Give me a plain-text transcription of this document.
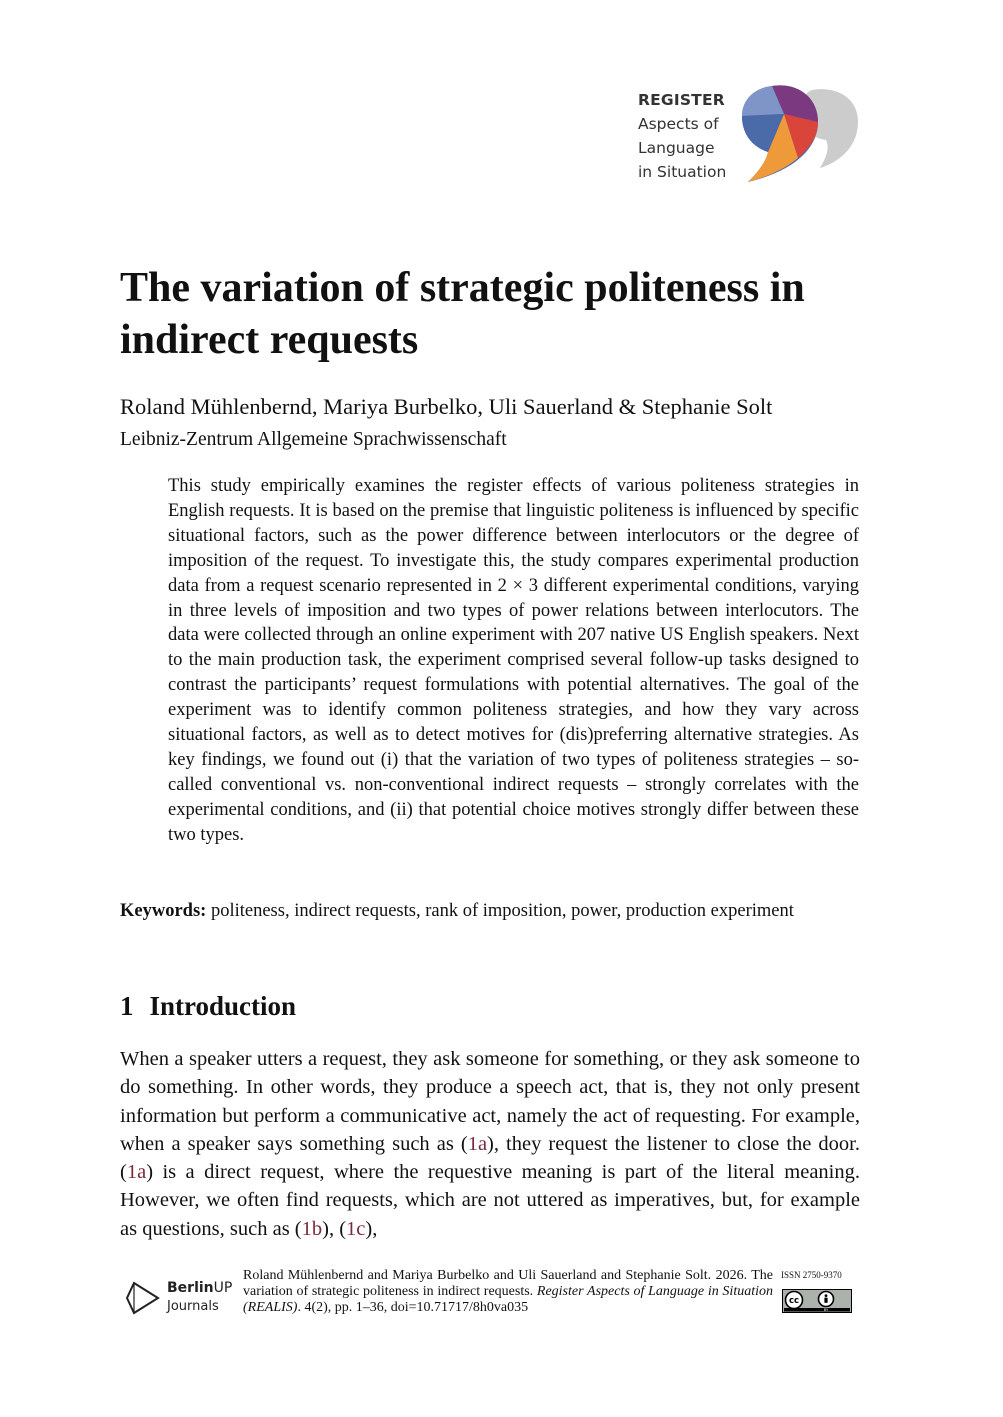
REGISTER
Aspects of
Language
in Situation
The variation of strategic politeness in
indirect requests
Roland Mühlenbernd, Mariya Burbelko, Uli Sauerland & Stephanie Solt
Leibniz-Zentrum Allgemeine Sprachwissenschaft

This study empirically examines the register effects of various politeness strategies in English requests. It is based on the premise that linguistic politeness is influenced by specific situational factors, such as the power difference between interlocutors or the degree of imposition of the request. To investigate this, the study compares experimental production data from a request scenario represented in 2 × 3 different experimental conditions, varying in three levels of imposition and two types of power relations between interlocutors. The data were collected through an online experiment with 207 native US English speakers. Next to the main production task, the experiment comprised several follow-up tasks designed to contrast the participants’ request formulations with potential alternatives. The goal of the experiment was to identify common politeness strategies, and how they vary across situational factors, as well as to detect motives for (dis)preferring alternative strategies. As key findings, we found out (i) that the variation of two types of politeness strategies – so-called conventional vs. non-conventional indirect requests – strongly correlates with the experimental conditions, and (ii) that potential choice motives strongly differ between these two types.

Keywords: politeness, indirect requests, rank of imposition, power, production experiment

1 Introduction

When a speaker utters a request, they ask someone for something, or they ask someone to do something. In other words, they produce a speech act, that is, they not only present information but perform a communicative act, namely the act of requesting. For example, when a speaker says something such as (1a), they request the listener to close the door. (1a) is a direct request, where the requestive meaning is part of the literal meaning. However, we often find requests, which are not uttered as imperatives, but, for example as questions, such as (1b), (1c),

BerlinUP
Journals

Roland Mühlenbernd and Mariya Burbelko and Uli Sauerland and Stephanie Solt. 2026. The variation of strategic politeness in indirect requests. Register Aspects of Language in Situation (REALIS). 4(2), pp. 1–36, doi=10.71717/8h0va035

ISSN 2750-9370
cc
BY
